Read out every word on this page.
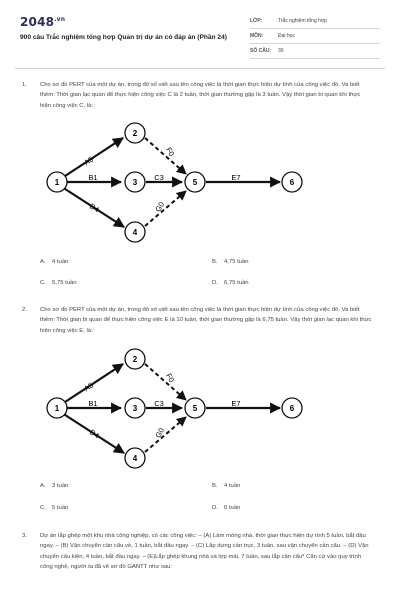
$2048^{.vn}$
900 câu Trắc nghiệm tổng hợp Quản trị dự án có đáp án (Phần 24)
LỚP:	Trắc nghiệm tổng hợp
MÔN:	Đại học
SỐ CÂU:	30
1. Cho sơ đồ PERT của một dự án, trong đó số viết sau tên công việc là thời gian thực hiện dự tính của công việc đó. Va biết thêm: Thời gian lạc quan để thực hiện công việc C là 2 tuần, thời gian thường gặp là 3 tuần. Vậy thời gian bi quan khi thực hiện công việc C, là:
1
2
3
4
5	6
A5
B1
D4
F0
C3
G0
E7
A. 4 tuần	B. 4,75 tuần
C. 5,75 tuần	D. 6,75 tuần
2. Cho sơ đồ PERT của một dự án, trong đó số viết sau tên công việc là thời gian thực hiện dự tính của công việc đó. Va biết thêm: Thời gian bi quan để thực hiện công việc E là 10 tuần, thời gian thường gặp là 6,75 tuần. Vậy thời gian lạc quan khi thực hiện công việc E, là:
1
2
3
4
5	6
A5
B1
D4
F0
C3
G0
E7
A. 3 tuần	B. 4 tuần
C. 5 tuần	D. 6 tuần
3. Dự án lắp ghép một khu nhà công nghiệp, có các công việc: – (A) Làm móng nhà, thời gian thực hiện dự tính 5 tuần, bắt đầu ngay. – (B) Vận chuyển cần cẩu về, 1 tuần, bắt đầu ngay. – (C) Lắp dựng cần trục, 3 tuần, sau vận chuyển cần cẩu. – (D) Vận chuyển cấu kiện, 4 tuần, bắt đầu ngay. – (E)Lắp ghép khung nhà và lợp mái, 7 tuần, sau lắp cần cẩu* Căn cứ vào quy trình công nghệ, người ta đã vẽ sơ đồ GANTT như sau:
